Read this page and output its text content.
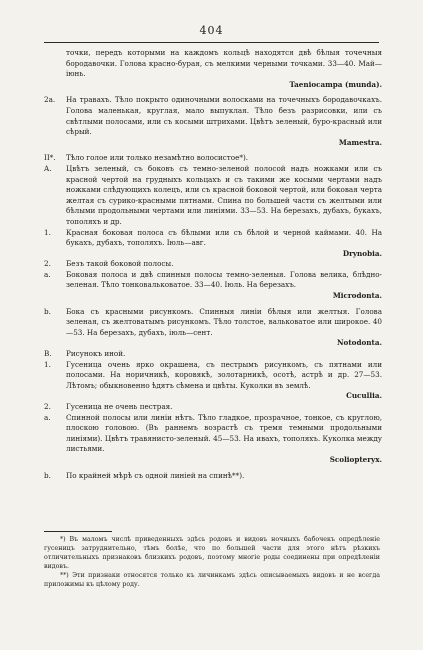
404

точки, передъ которыми на каждомъ кольцѣ находятся двѣ бѣлыя точечныя бородавочки. Голова красно-бурая, съ мелкими черными точками. 33—40. Май—іюнь.

Taeniocampa (munda).
2а.	На травахъ. Тѣло покрыто одиночными волосками на точечныхъ бородавочкахъ. Голова маленькая, круглая, мало выпуклая. Тѣло безъ разрисовки, или съ свѣтлыми полосами, или съ косыми штрихами. Цвѣтъ зеленый, буро-красный или сѣрый.
Mamestra.
II*.	Тѣло голое или только незамѣтно волосистое*).
A.	Цвѣтъ зеленый, съ боковъ съ темно-зеленой полосой надъ ножками или съ красной чертой на грудныхъ кольцахъ и съ такими же косыми чертами надъ ножками слѣдующихъ колецъ, или съ красной боковой чертой, или боковая черта желтая съ сурико-красными пятнами. Спина по большей части съ желтыми или бѣлыми продольными чертами или линіями. 33—53. На березахъ, дубахъ, букахъ, тополяхъ и др.
1.	Красная боковая полоса съ бѣлыми или съ бѣлой и черной каймами. 40. На букахъ, дубахъ, тополяхъ. Іюль—авг.
Drynobia.
2.	Безъ такой боковой полосы.
a.	Боковая полоса и двѣ спинныя полосы темно-зеленыя. Голова велика, блѣдно-зеленая. Тѣло тонковальковатое. 33—40. Іюль. На березахъ.
Microdonta.
b.	Бока съ красными рисункомъ. Спинныя линіи бѣлыя или желтыя. Голова зеленая, съ желтоватымъ рисункомъ. Тѣло толстое, вальковатое или широкое. 40—53. На березахъ, дубахъ, іюль—сент.
Notodonta.
B.	Рисунокъ иной.
1.	Гусеница очень ярко окрашена, съ пестрымъ рисункомъ, съ пятнами или полосами. На норичникѣ, коровякѣ, золотарникѣ, осотѣ, астрѣ и др. 27—53. Лѣтомъ; обыкновенно ѣдятъ сѣмена и цвѣты. Куколки въ землѣ.
Cucullia.
2.	Гусеница не очень пестрая.
a.	Спинной полосы или линіи нѣтъ. Тѣло гладкое, прозрачное, тонкое, съ круглою, плоскою головою. (Въ раннемъ возрастѣ съ тремя темными продольными линіями). Цвѣтъ травянисто-зеленый. 45—53. На ивахъ, тополяхъ. Куколка между листьями.
Scoliopteryx.
b.	По крайней мѣрѣ съ одной линіей на спинѣ**).

*) Въ маломъ числѣ приведенныхъ здѣсь родовъ и видовъ ночныхъ бабочекъ опредѣленіе гусеницъ затруднительно, тѣмъ болѣе, что по большей части для этого нѣтъ рѣзкихъ отличительныхъ признаковъ близкихъ родовъ, поэтому многіе роды соединены при опредѣленіи видовъ.

**) Эти признаки относятся только къ личинкамъ здѣсь описываемыхъ видовъ и не всегда приложимы къ цѣлому роду.
